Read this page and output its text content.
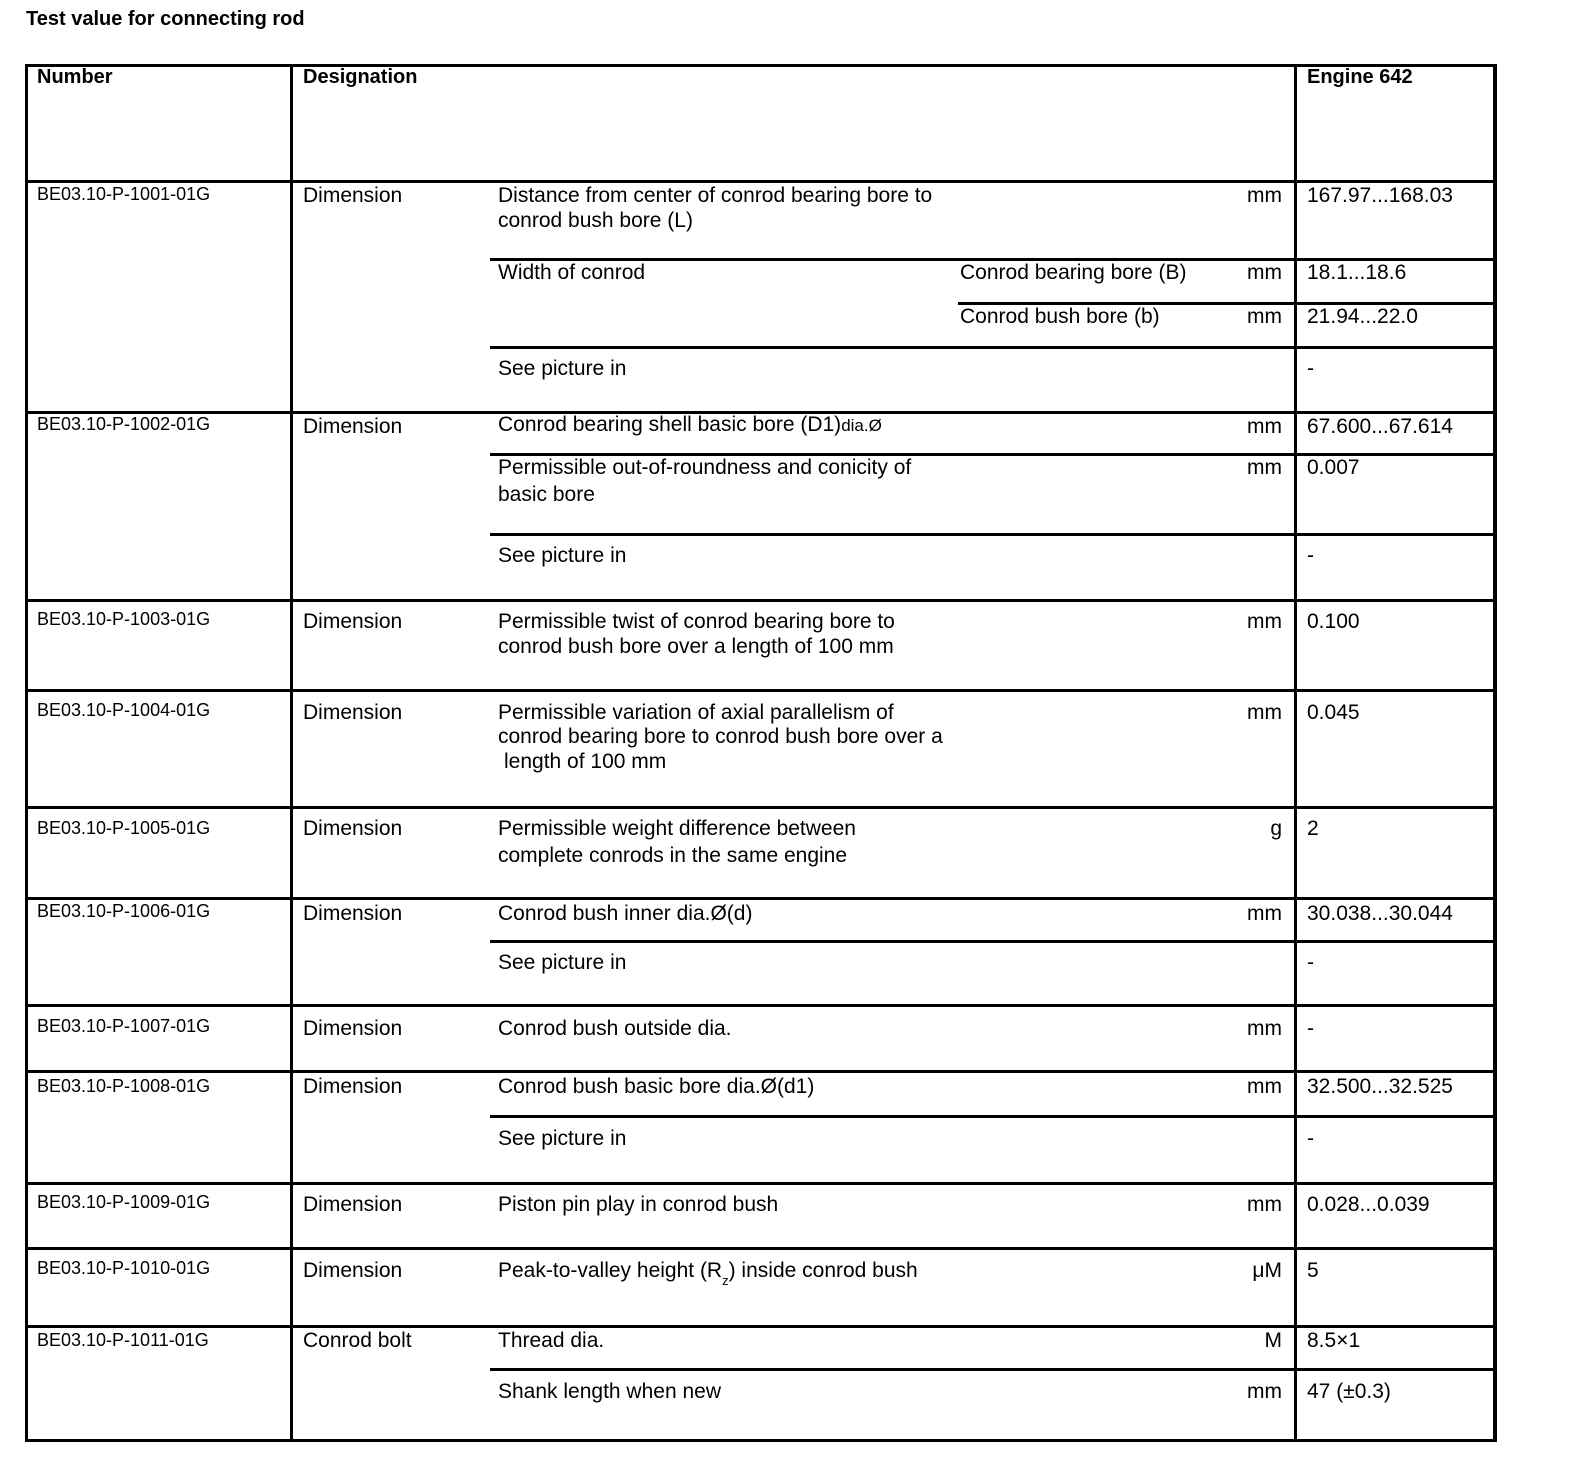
Test value for connecting rod
Number	Designation	Engine 642
BE03.10-P-1001-01G	Dimension	Distance from center of conrod bearing bore to
conrod bush bore (L)
mm 167.97...168.03
Width of conrod	Conrod bearing bore (B)	mm 18.1...18.6
Conrod bush bore (b)	mm 21.94...22.0
See picture in	-
BE03.10-P-1002-01G	Dimension	Conrod bearing shell basic bore (D1)dia.Ø	mm 67.600...67.614
Permissible out-of-roundness and conicity of
basic bore
mm 0.007
See picture in	-
BE03.10-P-1003-01G	Dimension	Permissible twist of conrod bearing bore to
conrod bush bore over a length of 100 mm
mm 0.100
BE03.10-P-1004-01G	Dimension	Permissible variation of axial parallelism of
conrod bearing bore to conrod bush bore over a
length of 100 mm
mm 0.045
BE03.10-P-1005-01G	Dimension	Permissible weight difference between
complete conrods in the same engine
g 2
BE03.10-P-1006-01G	Dimension	Conrod bush inner dia.Ø(d)	mm 30.038...30.044
See picture in	-
BE03.10-P-1007-01G	Dimension	Conrod bush outside dia.	mm -
BE03.10-P-1008-01G	Dimension	Conrod bush basic bore dia.Ø(d1)	mm 32.500...32.525
See picture in	-
BE03.10-P-1009-01G	Dimension	Piston pin play in conrod bush	mm 0.028...0.039
BE03.10-P-1010-01G	Dimension	Peak-to-valley height $(R_z)$ inside conrod bush	μM 5
BE03.10-P-1011-01G	Conrod bolt	Thread dia.	M 8.5×1
Shank length when new	mm 47 (±0.3)
